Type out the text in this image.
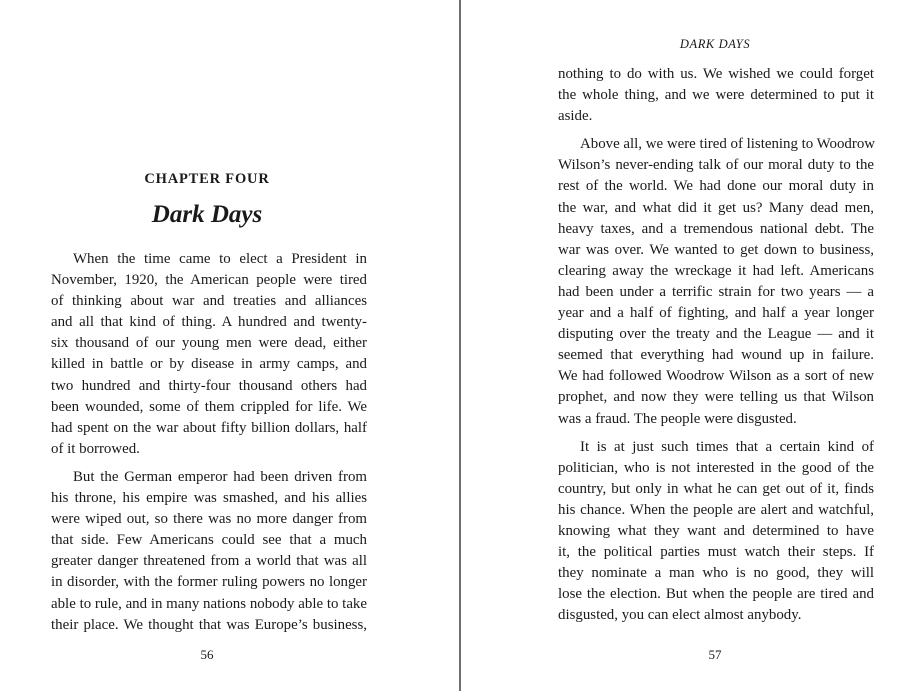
CHAPTER FOUR
Dark Days
When the time came to elect a President in
November, 1920, the American people were tired
of thinking about war and treaties and alliances
and all that kind of thing. A hundred and twenty-
six thousand of our young men were dead, either
killed in battle or by disease in army camps, and
two hundred and thirty-four thousand others had
been wounded, some of them crippled for life. We
had spent on the war about fifty billion dollars, half
of it borrowed.
But the German emperor had been driven from
his throne, his empire was smashed, and his allies
were wiped out, so there was no more danger from
that side. Few Americans could see that a much
greater danger threatened from a world that was all
in disorder, with the former ruling powers no longer
able to rule, and in many nations nobody able to take
their place. We thought that was Europe’s business,
56
DARK DAYS
nothing to do with us. We wished we could forget
the whole thing, and we were determined to put it
aside.
Above all, we were tired of listening to Woodrow
Wilson’s never-ending talk of our moral duty to the
rest of the world. We had done our moral duty in
the war, and what did it get us? Many dead men,
heavy taxes, and a tremendous national debt. The
war was over. We wanted to get down to business,
clearing away the wreckage it had left. Americans
had been under a terrific strain for two years — a
year and a half of fighting, and half a year longer
disputing over the treaty and the League — and it
seemed that everything had wound up in failure.
We had followed Woodrow Wilson as a sort of new
prophet, and now they were telling us that Wilson
was a fraud. The people were disgusted.
It is at just such times that a certain kind of
politician, who is not interested in the good of the
country, but only in what he can get out of it, finds
his chance. When the people are alert and watchful,
knowing what they want and determined to have
it, the political parties must watch their steps. If
they nominate a man who is no good, they will
lose the election. But when the people are tired and
disgusted, you can elect almost anybody.
57
